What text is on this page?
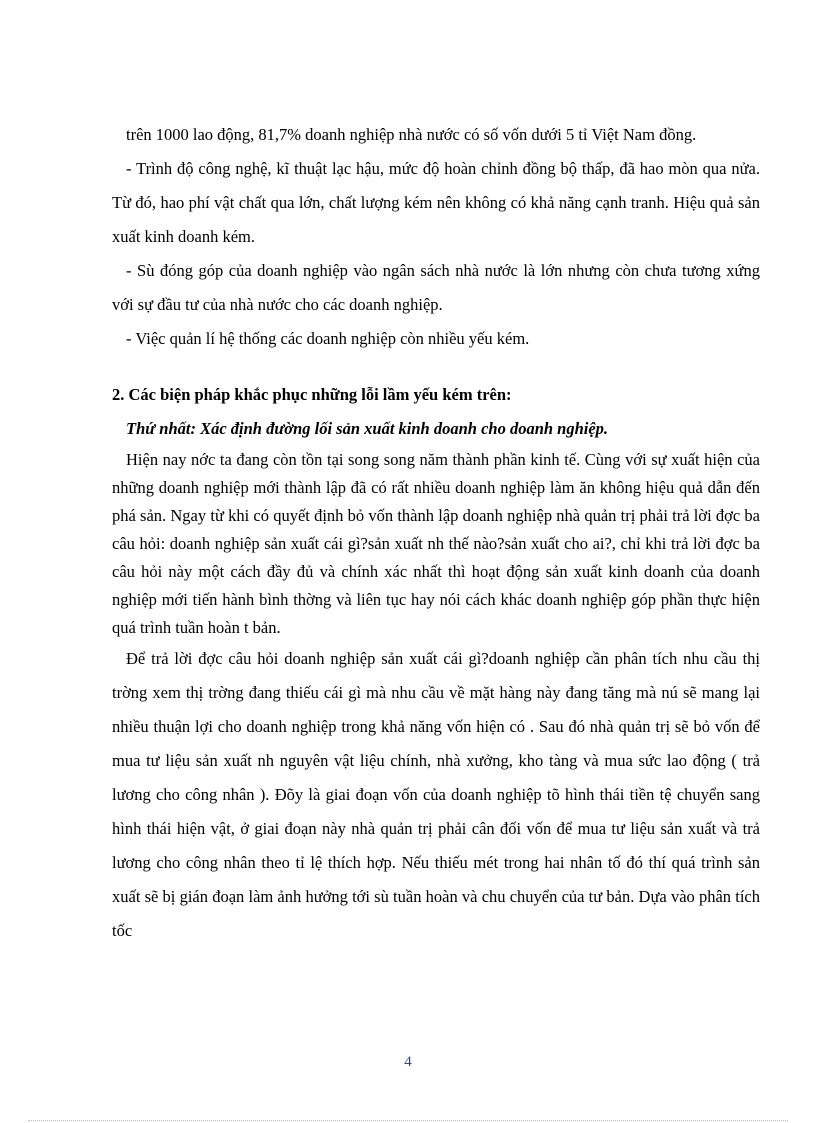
trên 1000 lao động, 81,7% doanh nghiệp nhà nước có số vốn dưới 5 tỉ Việt Nam đồng.

- Trình độ công nghệ, kĩ thuật lạc hậu, mức độ hoàn chỉnh đồng bộ thấp, đã hao mòn qua nửa. Từ đó, hao phí vật chất qua lớn, chất lượng kém nên không có khả năng cạnh tranh. Hiệu quả sản xuất kinh doanh kém.

- Sù đóng góp của doanh nghiệp vào ngân sách nhà nước là lớn nhưng còn chưa tương xứng với sự đầu tư của nhà nước cho các doanh nghiệp.

- Việc quản lí hệ thống các doanh nghiệp còn nhiều yếu kém.

2. Các biện pháp khắc phục những lỗi lầm yếu kém trên:

Thứ nhất: Xác định đường lối sản xuất kinh doanh cho doanh nghiệp.

Hiện nay nớc ta đang còn tồn tại song song năm thành phần kinh tế. Cùng với sự xuất hiện của những doanh nghiệp mới thành lập đã có rất nhiều doanh nghiệp làm ăn không hiệu quả dẫn đến phá sản. Ngay từ khi có quyết định bỏ vốn thành lập doanh nghiệp nhà quản trị phải trả lời đợc ba câu hỏi: doanh nghiệp sản xuất cái gì?sản xuất nh thế nào?sản xuất cho ai?, chỉ khi trả lời đợc ba câu hỏi này một cách đầy đủ và chính xác nhất thì hoạt động sản xuất kinh doanh của doanh nghiệp mới tiến hành bình thờng và liên tục hay nói cách khác doanh nghiệp góp phần thực hiện quá trình tuần hoàn t bản.

Để trả lời đợc câu hỏi doanh nghiệp sản xuất cái gì?doanh nghiệp cần phân tích nhu cầu thị trờng xem thị trờng đang thiếu cái gì mà nhu cầu về mặt hàng này đang tăng mà nú sẽ mang lại nhiều thuận lợi cho doanh nghiệp trong khả năng vốn hiện có . Sau đó nhà quản trị sẽ bỏ vốn để mua tư liệu sản xuất nh nguyên vật liệu chính, nhà xưởng, kho tàng và mua sức lao động ( trả lương cho công nhân ). Đõy là giai đoạn vốn của doanh nghiệp tõ hình thái tiền tệ chuyển sang hình thái hiện vật, ở giai đoạn này nhà quản trị phải cân đối vốn để mua tư liệu sản xuất và trả lương cho công nhân theo tỉ lệ thích hợp. Nếu thiếu mét trong hai nhân tố đó thí quá trình sản xuất sẽ bị gián đoạn làm ảnh hưởng tới sù tuần hoàn và chu chuyển của tư bản. Dựa vào phân tích tốc

4
